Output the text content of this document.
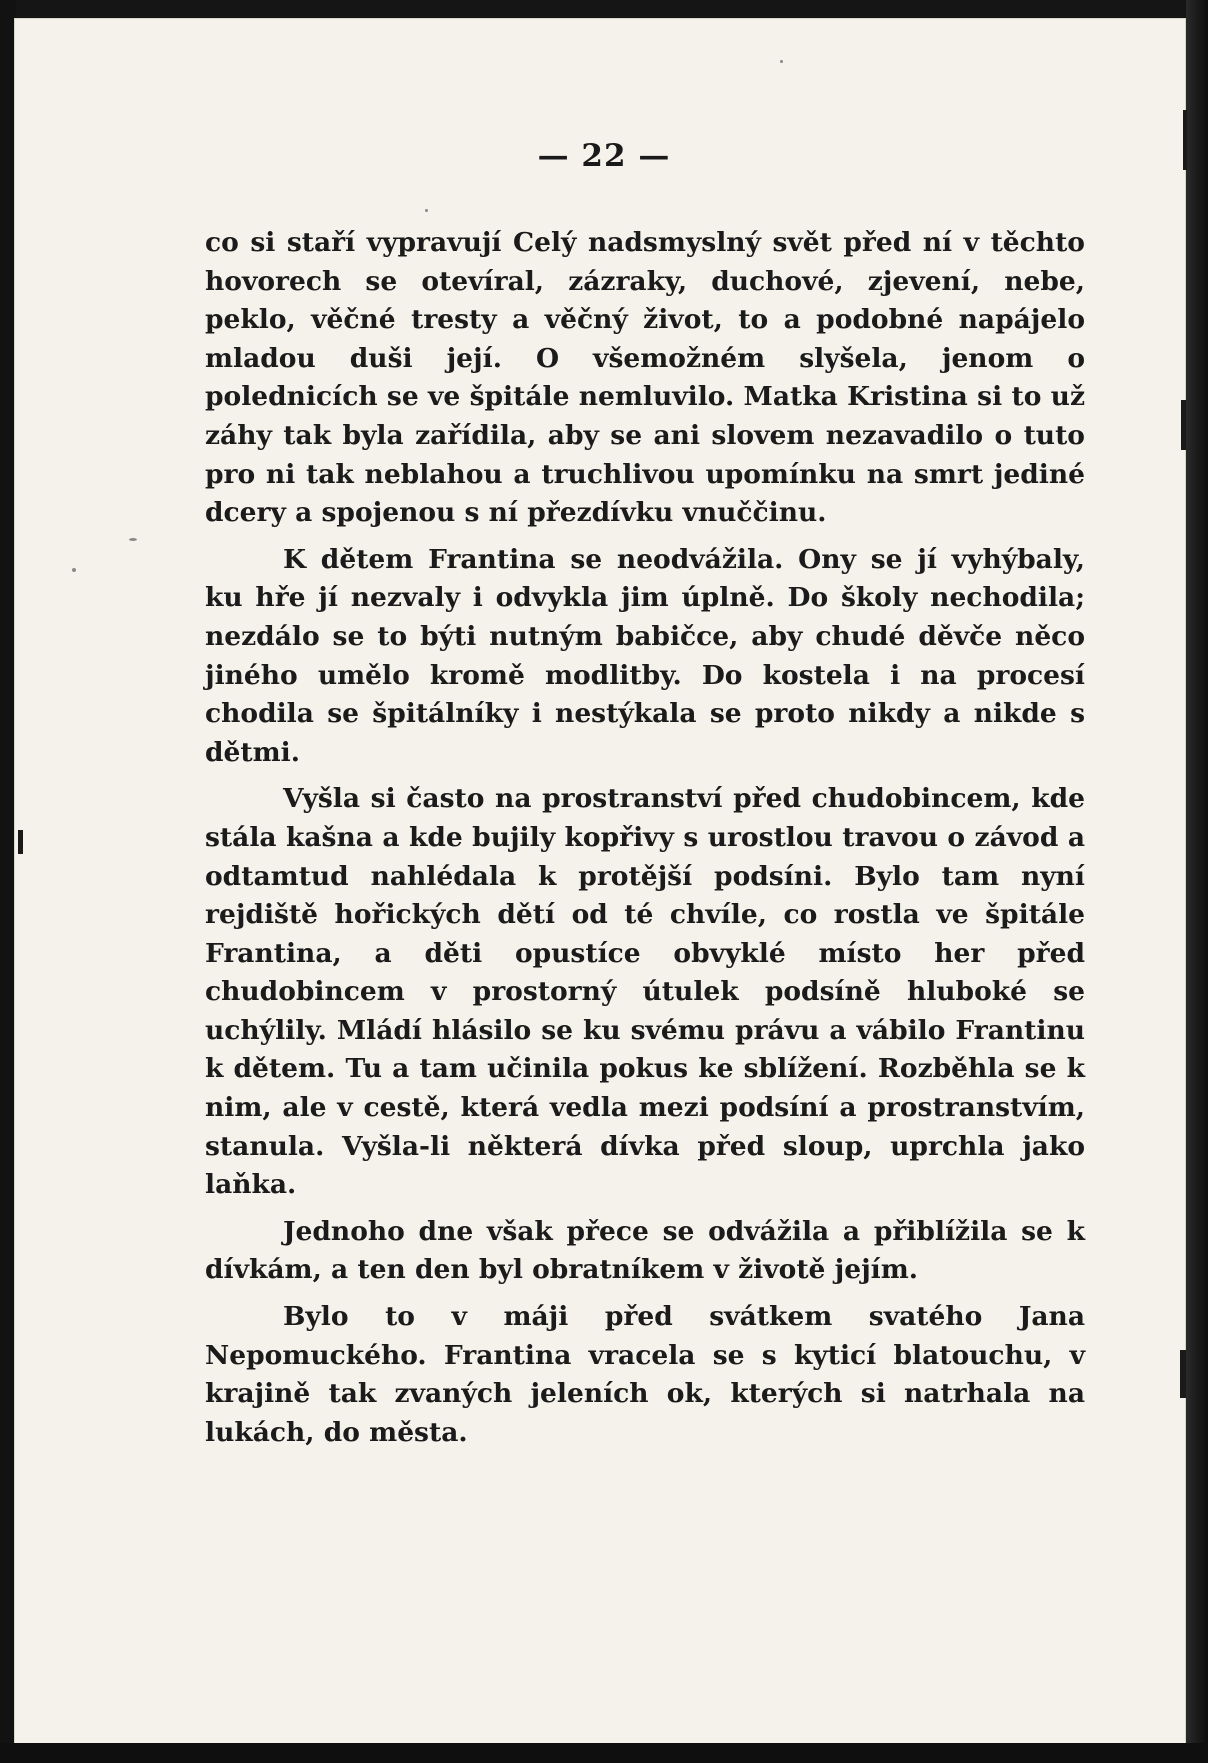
— 22 —

co si staří vypravují Celý nadsmyslný svět před ní v těchto hovorech se otevíral, zázraky, duchové, zjevení, nebe, peklo, věčné tresty a věčný život, to a podobné napájelo mladou duši její. O všemožném slyšela, jenom o polednicích se ve špitále nemluvilo. Matka Kristina si to už záhy tak byla zařídila, aby se ani slovem nezavadilo o tuto pro ni tak neblahou a truchlivou upomínku na smrt jediné dcery a spojenou s ní přezdívku vnuččinu.

K dětem Frantina se neodvážila. Ony se jí vyhýbaly, ku hře jí nezvaly i odvykla jim úplně. Do školy nechodila; nezdálo se to býti nutným babičce, aby chudé děvče něco jiného umělo kromě modlitby. Do kostela i na procesí chodila se špitálníky i nestýkala se proto nikdy a nikde s dětmi.

Vyšla si často na prostranství před chudobincem, kde stála kašna a kde bujily kopřivy s urostlou travou o závod a odtamtud nahlédala k protější podsíni. Bylo tam nyní rejdiště hořických dětí od té chvíle, co rostla ve špitále Frantina, a děti opustíce obvyklé místo her před chudobincem v prostorný útulek podsíně hluboké se uchýlily. Mládí hlásilo se ku svému právu a vábilo Frantinu k dětem. Tu a tam učinila pokus ke sblížení. Rozběhla se k nim, ale v cestě, která vedla mezi podsíní a prostranstvím, stanula. Vyšla-li některá dívka před sloup, uprchla jako laňka.

Jednoho dne však přece se odvážila a přiblížila se k dívkám, a ten den byl obratníkem v životě jejím.

Bylo to v máji před svátkem svatého Jana Nepomuckého. Frantina vracela se s kyticí blatouchu, v krajině tak zvaných jeleních ok, kterých si natrhala na lukách, do města.
